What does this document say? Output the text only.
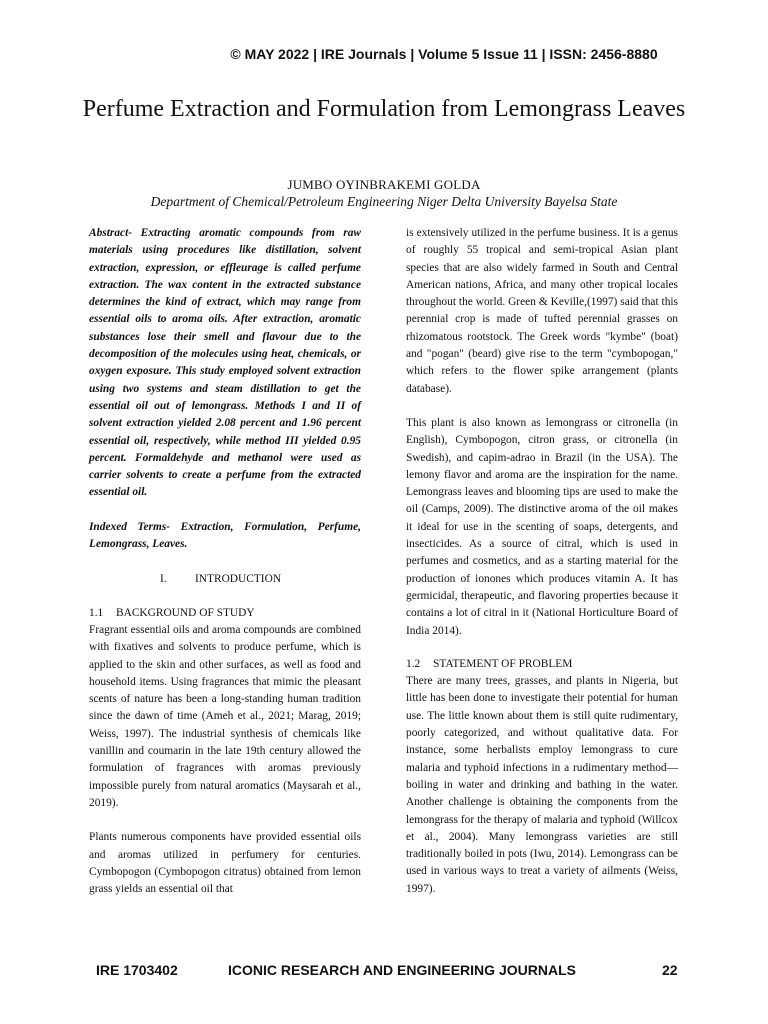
© MAY 2022 | IRE Journals | Volume 5 Issue 11 | ISSN: 2456-8880
Perfume Extraction and Formulation from Lemongrass Leaves
JUMBO OYINBRAKEMI GOLDA
Department of Chemical/Petroleum Engineering Niger Delta University Bayelsa State

Abstract- Extracting aromatic compounds from raw materials using procedures like distillation, solvent extraction, expression, or effleurage is called perfume extraction. The wax content in the extracted substance determines the kind of extract, which may range from essential oils to aroma oils. After extraction, aromatic substances lose their smell and flavour due to the decomposition of the molecules using heat, chemicals, or oxygen exposure. This study employed solvent extraction using two systems and steam distillation to get the essential oil out of lemongrass. Methods I and II of solvent extraction yielded 2.08 percent and 1.96 percent essential oil, respectively, while method III yielded 0.95 percent. Formaldehyde and methanol were used as carrier solvents to create a perfume from the extracted essential oil.

Indexed Terms- Extraction, Formulation, Perfume, Lemongrass, Leaves.

I. INTRODUCTION

1.1 BACKGROUND OF STUDY

Fragrant essential oils and aroma compounds are combined with fixatives and solvents to produce perfume, which is applied to the skin and other surfaces, as well as food and household items. Using fragrances that mimic the pleasant scents of nature has been a long-standing human tradition since the dawn of time (Ameh et al., 2021; Marag, 2019; Weiss, 1997). The industrial synthesis of chemicals like vanillin and coumarin in the late 19th century allowed the formulation of fragrances with aromas previously impossible purely from natural aromatics (Maysarah et al., 2019).

Plants numerous components have provided essential oils and aromas utilized in perfumery for centuries. Cymbopogon (Cymbopogon citratus) obtained from lemon grass yields an essential oil that

is extensively utilized in the perfume business. It is a genus of roughly 55 tropical and semi-tropical Asian plant species that are also widely farmed in South and Central American nations, Africa, and many other tropical locales throughout the world. Green & Keville,(1997) said that this perennial crop is made of tufted perennial grasses on rhizomatous rootstock. The Greek words "kymbe" (boat) and "pogan" (beard) give rise to the term "cymbopogan," which refers to the flower spike arrangement (plants database).

This plant is also known as lemongrass or citronella (in English), Cymbopogon, citron grass, or citronella (in Swedish), and capim-adrao in Brazil (in the USA). The lemony flavor and aroma are the inspiration for the name. Lemongrass leaves and blooming tips are used to make the oil (Camps, 2009). The distinctive aroma of the oil makes it ideal for use in the scenting of soaps, detergents, and insecticides. As a source of citral, which is used in perfumes and cosmetics, and as a starting material for the production of ionones which produces vitamin A. It has germicidal, therapeutic, and flavoring properties because it contains a lot of citral in it (National Horticulture Board of India 2014).

1.2 STATEMENT OF PROBLEM

There are many trees, grasses, and plants in Nigeria, but little has been done to investigate their potential for human use. The little known about them is still quite rudimentary, poorly categorized, and without qualitative data. For instance, some herbalists employ lemongrass to cure malaria and typhoid infections in a rudimentary method—boiling in water and drinking and bathing in the water. Another challenge is obtaining the components from the lemongrass for the therapy of malaria and typhoid (Willcox et al., 2004). Many lemongrass varieties are still traditionally boiled in pots (Iwu, 2014). Lemongrass can be used in various ways to treat a variety of ailments (Weiss, 1997).

IRE 1703402	ICONIC RESEARCH AND ENGINEERING JOURNALS	22
